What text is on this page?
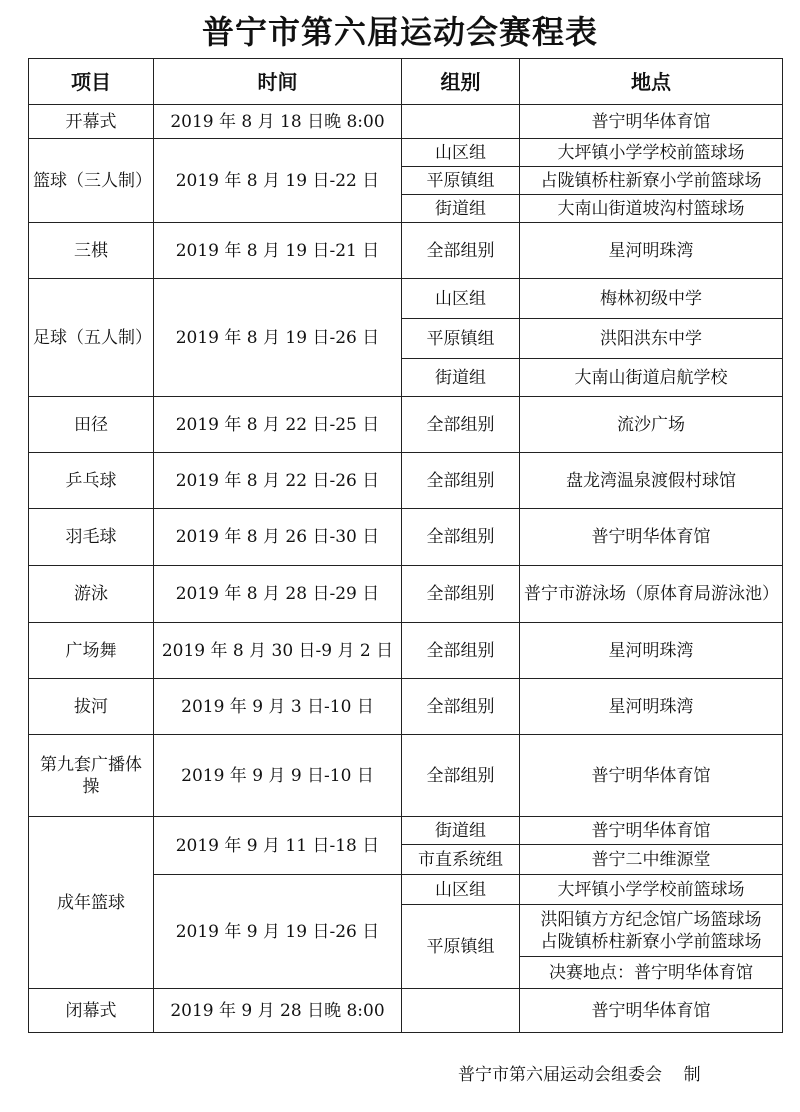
普宁市第六届运动会赛程表
项目	时间	组别	地点
开幕式	2019 年 8 月 18 日晚 8:00		普宁明华体育馆
篮球（三人制）	2019 年 8 月 19 日-22 日	山区组	大坪镇小学学校前篮球场
		平原镇组	占陇镇桥柱新寮小学前篮球场
		街道组	大南山街道坡沟村篮球场
三棋	2019 年 8 月 19 日-21 日	全部组别	星河明珠湾
足球（五人制）	2019 年 8 月 19 日-26 日	山区组	梅林初级中学
		平原镇组	洪阳洪东中学
		街道组	大南山街道启航学校
田径	2019 年 8 月 22 日-25 日	全部组别	流沙广场
乒乓球	2019 年 8 月 22 日-26 日	全部组别	盘龙湾温泉渡假村球馆
羽毛球	2019 年 8 月 26 日-30 日	全部组别	普宁明华体育馆
游泳	2019 年 8 月 28 日-29 日	全部组别	普宁市游泳场（原体育局游泳池）
广场舞	2019 年 8 月 30 日-9 月 2 日	全部组别	星河明珠湾
拔河	2019 年 9 月 3 日-10 日	全部组别	星河明珠湾
第九套广播体操	2019 年 9 月 9 日-10 日	全部组别	普宁明华体育馆
成年篮球	2019 年 9 月 11 日-18 日	街道组	普宁明华体育馆
		市直系统组	普宁二中维源堂
	2019 年 9 月 19 日-26 日	山区组	大坪镇小学学校前篮球场
		平原镇组	洪阳镇方方纪念馆广场篮球场
占陇镇桥柱新寮小学前篮球场

			决赛地点：普宁明华体育馆
闭幕式	2019 年 9 月 28 日晚 8:00		普宁明华体育馆
普宁市第六届运动会组委会 制
